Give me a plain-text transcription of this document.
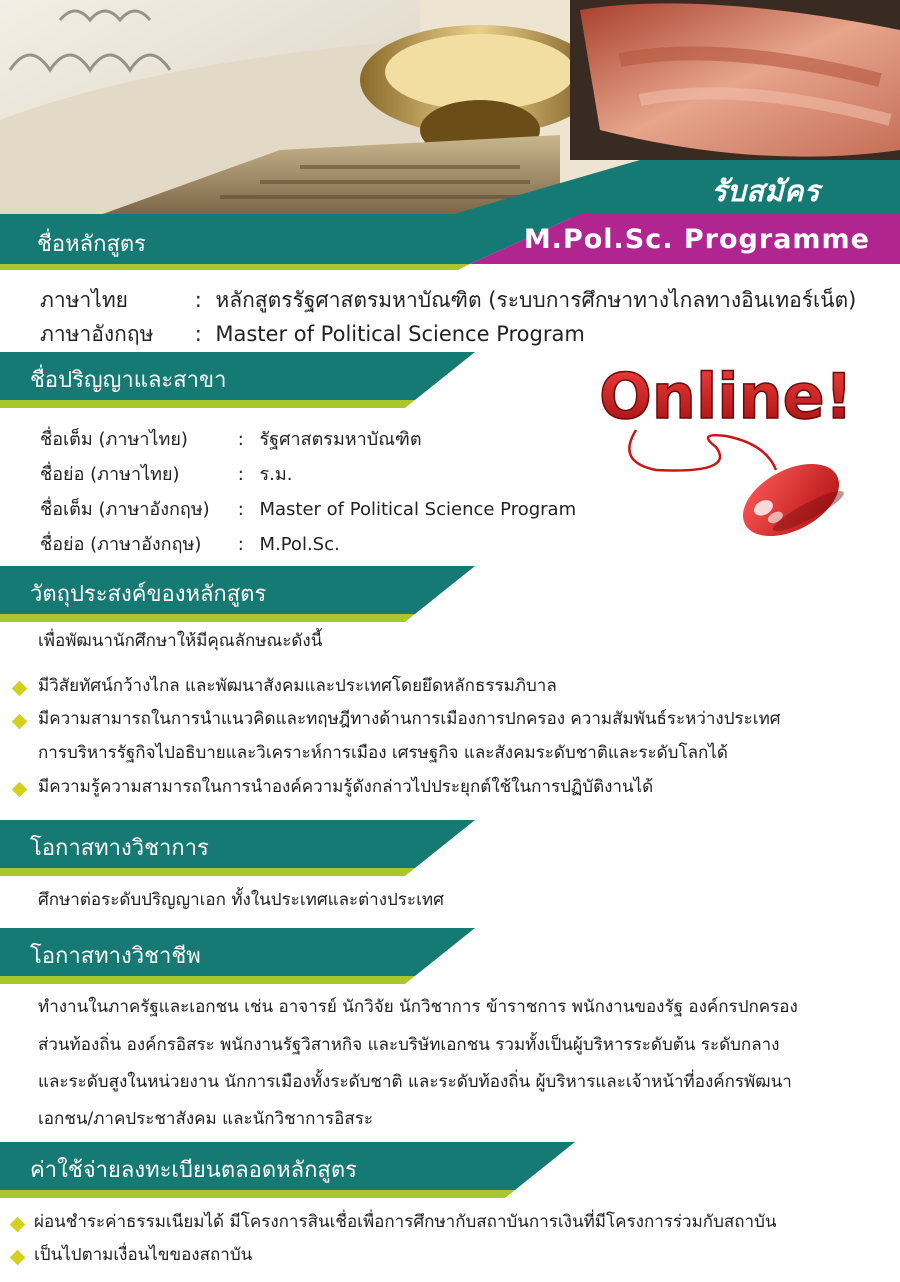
รับสมัคร
ชื่อหลักสูตร	M.Pol.Sc. Programme
ภาษาไทย	: หลักสูตรรัฐศาสตรมหาบัณฑิต (ระบบการศึกษาทางไกลทางอินเทอร์เน็ต)
ภาษาอังกฤษ : Master of Political Science Program
ชื่อปริญญาและสาขา
ชื่อเต็ม (ภาษาไทย)	: รัฐศาสตรมหาบัณฑิต
ชื่อย่อ (ภาษาไทย)	: ร.ม.
ชื่อเต็ม (ภาษาอังกฤษ) : Master of Political Science Program
ชื่อย่อ (ภาษาอังกฤษ) : M.Pol.Sc.
Online!
วัตถุประสงค์ของหลักสูตร
เพื่อพัฒนานักศึกษาให้มีคุณลักษณะดังนี้
มีวิสัยทัศน์กว้างไกล และพัฒนาสังคมและประเทศโดยยึดหลักธรรมภิบาล
มีความสามารถในการนำแนวคิดและทฤษฎีทางด้านการเมืองการปกครอง ความสัมพันธ์ระหว่างประเทศ
การบริหารรัฐกิจไปอธิบายและวิเคราะห์การเมือง เศรษฐกิจ และสังคมระดับชาติและระดับโลกได้
มีความรู้ความสามารถในการนำองค์ความรู้ดังกล่าวไปประยุกต์ใช้ในการปฏิบัติงานได้
โอกาสทางวิชาการ
ศึกษาต่อระดับปริญญาเอก ทั้งในประเทศและต่างประเทศ
โอกาสทางวิชาชีพ
ทำงานในภาครัฐและเอกชน เช่น อาจารย์ นักวิจัย นักวิชาการ ข้าราชการ พนักงานของรัฐ องค์กรปกครอง
ส่วนท้องถิ่น องค์กรอิสระ พนักงานรัฐวิสาหกิจ และบริษัทเอกชน รวมทั้งเป็นผู้บริหารระดับต้น ระดับกลาง
และระดับสูงในหน่วยงาน นักการเมืองทั้งระดับชาติ และระดับท้องถิ่น ผู้บริหารและเจ้าหน้าที่องค์กรพัฒนา
เอกชน/ภาคประชาสังคม และนักวิชาการอิสระ
ค่าใช้จ่ายลงทะเบียนตลอดหลักสูตร
ผ่อนชำระค่าธรรมเนียมได้ มีโครงการสินเชื่อเพื่อการศึกษากับสถาบันการเงินที่มีโครงการร่วมกับสถาบัน
เป็นไปตามเงื่อนไขของสถาบัน
